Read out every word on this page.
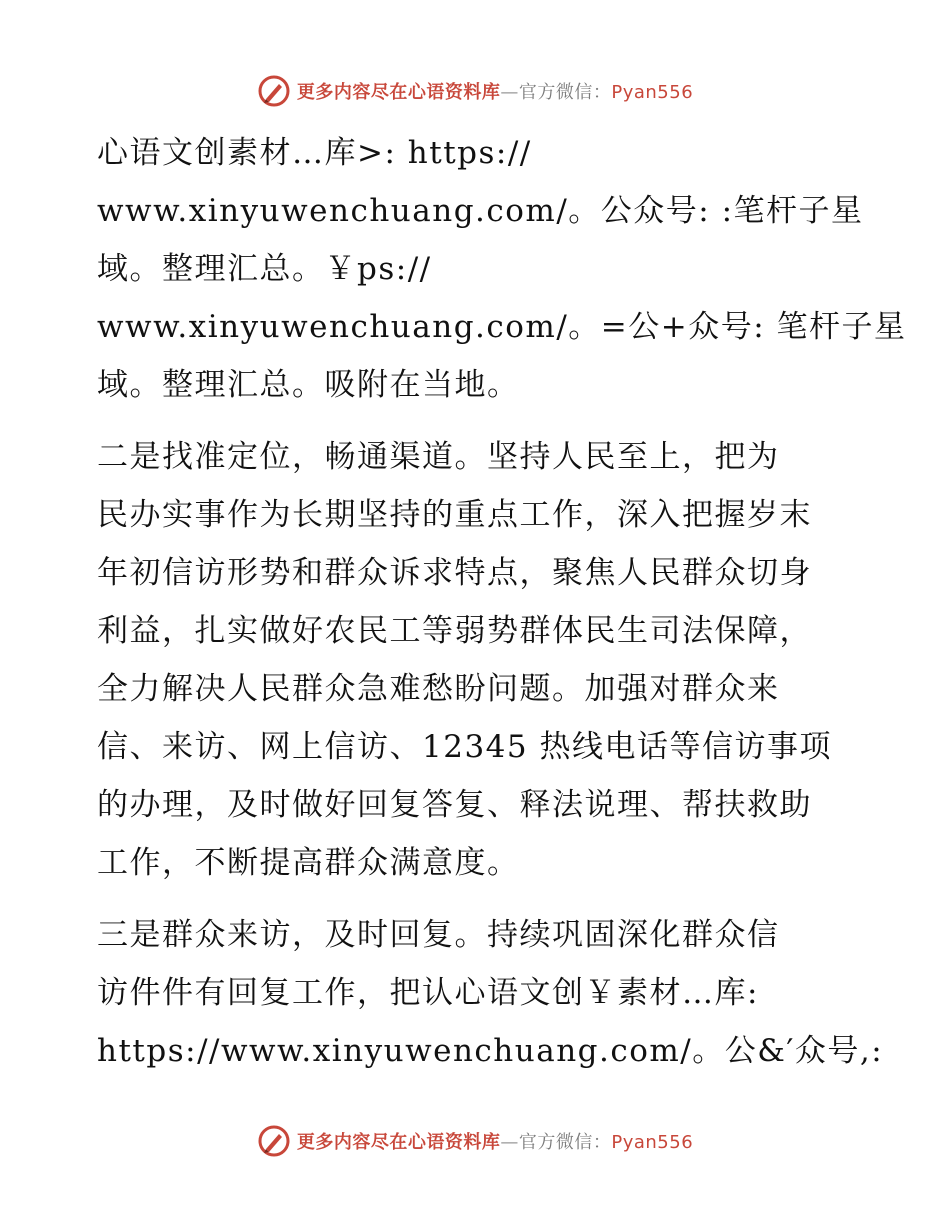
更多内容尽在心语资料库—官方微信：Pyan556
心语文创素材…库>: https://
www.xinyuwenchuang.com/。公众号: :笔杆子星
域。整理汇总。￥ps://
www.xinyuwenchuang.com/。=公+众号: 笔杆子星
域。整理汇总。吸附在当地。
二是找准定位，畅通渠道。坚持人民至上，把为
民办实事作为长期坚持的重点工作，深入把握岁末
年初信访形势和群众诉求特点，聚焦人民群众切身
利益，扎实做好农民工等弱势群体民生司法保障，
全力解决人民群众急难愁盼问题。加强对群众来
信、来访、网上信访、12345 热线电话等信访事项
的办理，及时做好回复答复、释法说理、帮扶救助
工作，不断提高群众满意度。
三是群众来访，及时回复。持续巩固深化群众信
访件件有回复工作，把认心语文创￥素材…库:
https://www.xinyuwenchuang.com/。公&′众号,:
更多内容尽在心语资料库—官方微信：Pyan556
